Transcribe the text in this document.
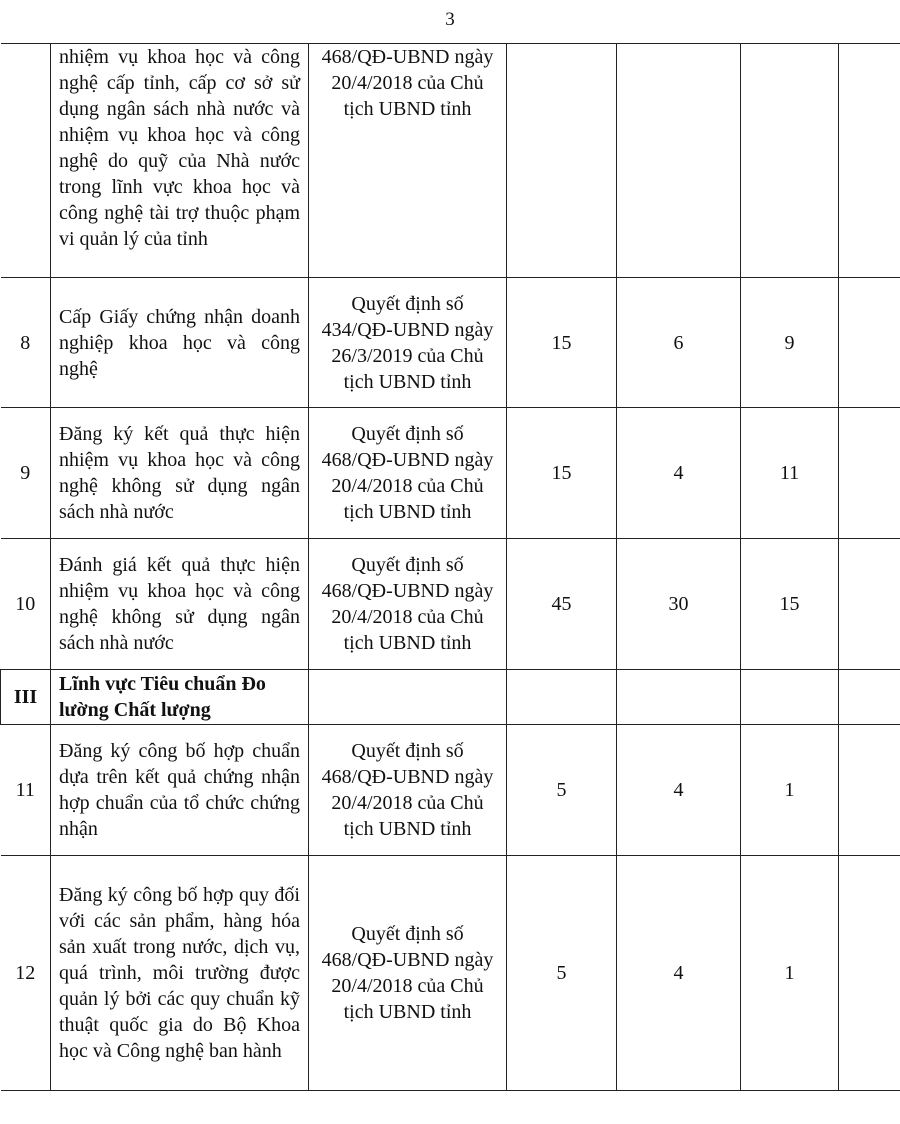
3
	nhiệm vụ khoa học và công nghệ cấp tỉnh, cấp cơ sở sử dụng ngân sách nhà nước và nhiệm vụ khoa học và công nghệ do quỹ của Nhà nước trong lĩnh vực khoa học và công nghệ tài trợ thuộc phạm vi quản lý của tỉnh	468/QĐ-UBND ngày 20/4/2018 của Chủ tịch UBND tỉnh				
8	Cấp Giấy chứng nhận doanh nghiệp khoa học và công nghệ	Quyết định số 434/QĐ-UBND ngày 26/3/2019 của Chủ tịch UBND tỉnh	15	6	9	
9	Đăng ký kết quả thực hiện nhiệm vụ khoa học và công nghệ không sử dụng ngân sách nhà nước	Quyết định số 468/QĐ-UBND ngày 20/4/2018 của Chủ tịch UBND tỉnh	15	4	11	
10	Đánh giá kết quả thực hiện nhiệm vụ khoa học và công nghệ không sử dụng ngân sách nhà nước	Quyết định số 468/QĐ-UBND ngày 20/4/2018 của Chủ tịch UBND tỉnh	45	30	15	
III	Lĩnh vực Tiêu chuẩn Đo lường Chất lượng					
11	Đăng ký công bố hợp chuẩn dựa trên kết quả chứng nhận hợp chuẩn của tổ chức chứng nhận	Quyết định số 468/QĐ-UBND ngày 20/4/2018 của Chủ tịch UBND tỉnh	5	4	1	
12	Đăng ký công bố hợp quy đối với các sản phẩm, hàng hóa sản xuất trong nước, dịch vụ, quá trình, môi trường được quản lý bởi các quy chuẩn kỹ thuật quốc gia do Bộ Khoa học và Công nghệ ban hành	Quyết định số 468/QĐ-UBND ngày 20/4/2018 của Chủ tịch UBND tỉnh	5	4	1	
